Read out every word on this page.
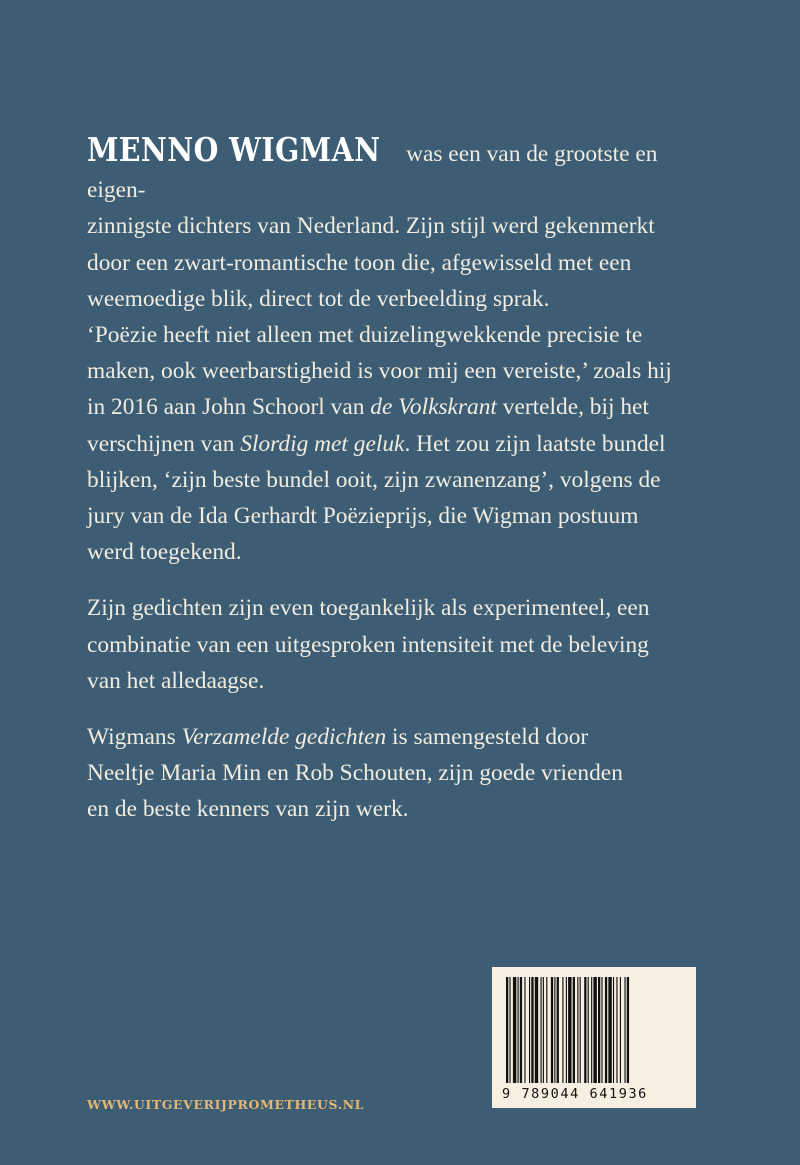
MENNO WIGMAN was een van de grootste en eigen-
zinnigste dichters van Nederland. Zijn stijl werd gekenmerkt
door een zwart-romantische toon die, afgewisseld met een
weemoedige blik, direct tot de verbeelding sprak.
‘Poëzie heeft niet alleen met duizelingwekkende precisie te
maken, ook weerbarstigheid is voor mij een vereiste,’ zoals hij
in 2016 aan John Schoorl van de Volkskrant vertelde, bij het
verschijnen van Slordig met geluk. Het zou zijn laatste bundel
blijken, ‘zijn beste bundel ooit, zijn zwanenzang’, volgens de
jury van de Ida Gerhardt Poëzieprijs, die Wigman postuum
werd toegekend.

Zijn gedichten zijn even toegankelijk als experimenteel, een
combinatie van een uitgesproken intensiteit met de beleving
van het alledaagse.

Wigmans Verzamelde gedichten is samengesteld door
Neeltje Maria Min en Rob Schouten, zijn goede vrienden
en de beste kenners van zijn werk.

WWW.UITGEVERIJPROMETHEUS.NL
9 789044 641936
